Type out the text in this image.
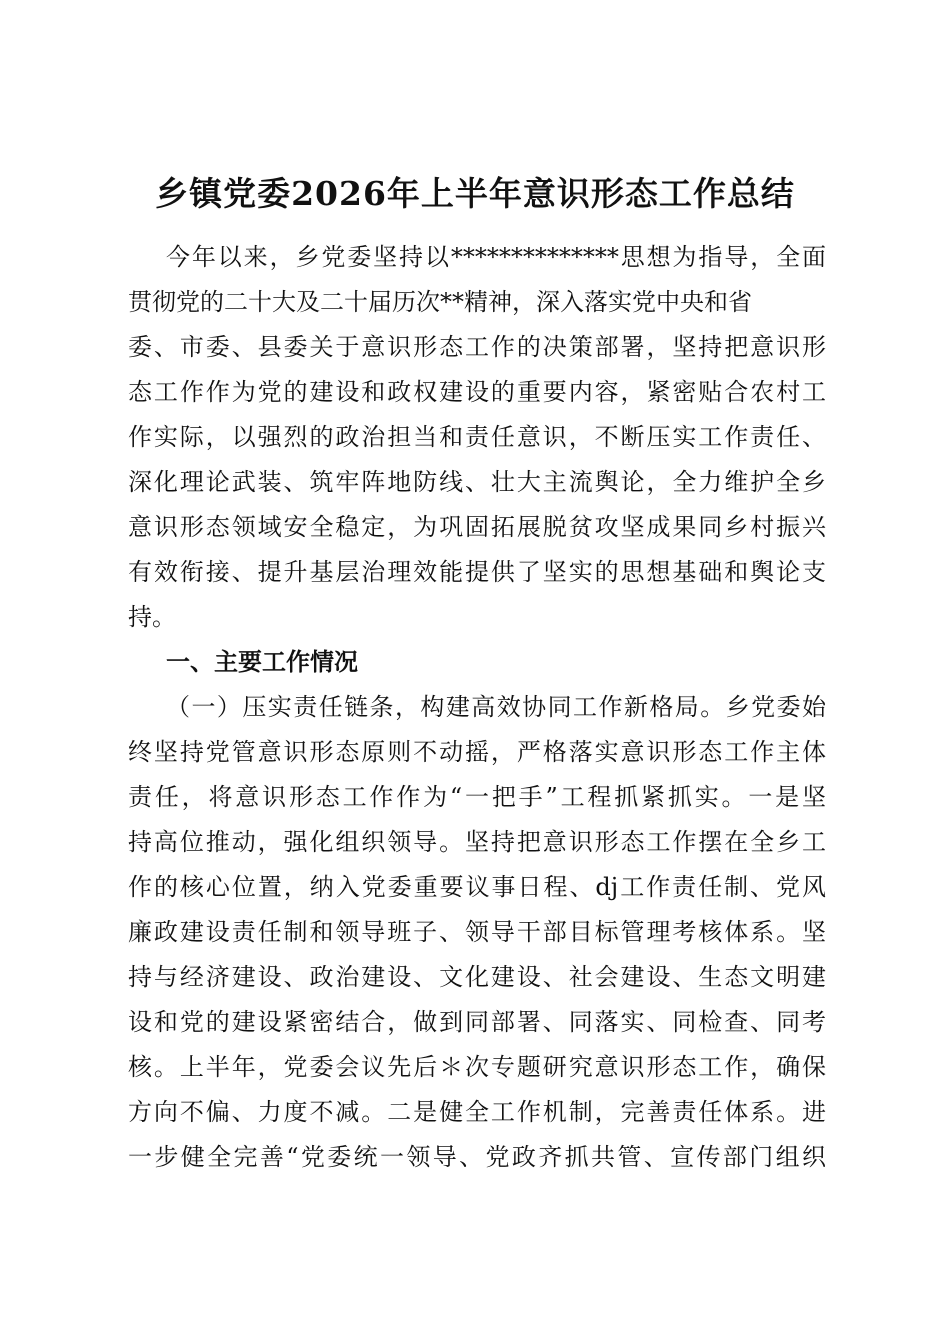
乡镇党委2026年上半年意识形态工作总结

今年以来，乡党委坚持以**************思想为指导，全面

贯彻党的二十大及二十届历次**精神，深入落实党中央和省

委、市委、县委关于意识形态工作的决策部署，坚持把意识形

态工作作为党的建设和政权建设的重要内容，紧密贴合农村工

作实际，以强烈的政治担当和责任意识，不断压实工作责任、

深化理论武装、筑牢阵地防线、壮大主流舆论，全力维护全乡

意识形态领域安全稳定，为巩固拓展脱贫攻坚成果同乡村振兴

有效衔接、提升基层治理效能提供了坚实的思想基础和舆论支

持。

一、主要工作情况

（一）压实责任链条，构建高效协同工作新格局。乡党委始

终坚持党管意识形态原则不动摇，严格落实意识形态工作主体

责任，将意识形态工作作为“一把手”工程抓紧抓实。一是坚

持高位推动，强化组织领导。坚持把意识形态工作摆在全乡工

作的核心位置，纳入党委重要议事日程、dj工作责任制、党风

廉政建设责任制和领导班子、领导干部目标管理考核体系。坚

持与经济建设、政治建设、文化建设、社会建设、生态文明建

设和党的建设紧密结合，做到同部署、同落实、同检查、同考

核。上半年，党委会议先后＊次专题研究意识形态工作，确保

方向不偏、力度不减。二是健全工作机制，完善责任体系。进

一步健全完善“党委统一领导、党政齐抓共管、宣传部门组织
